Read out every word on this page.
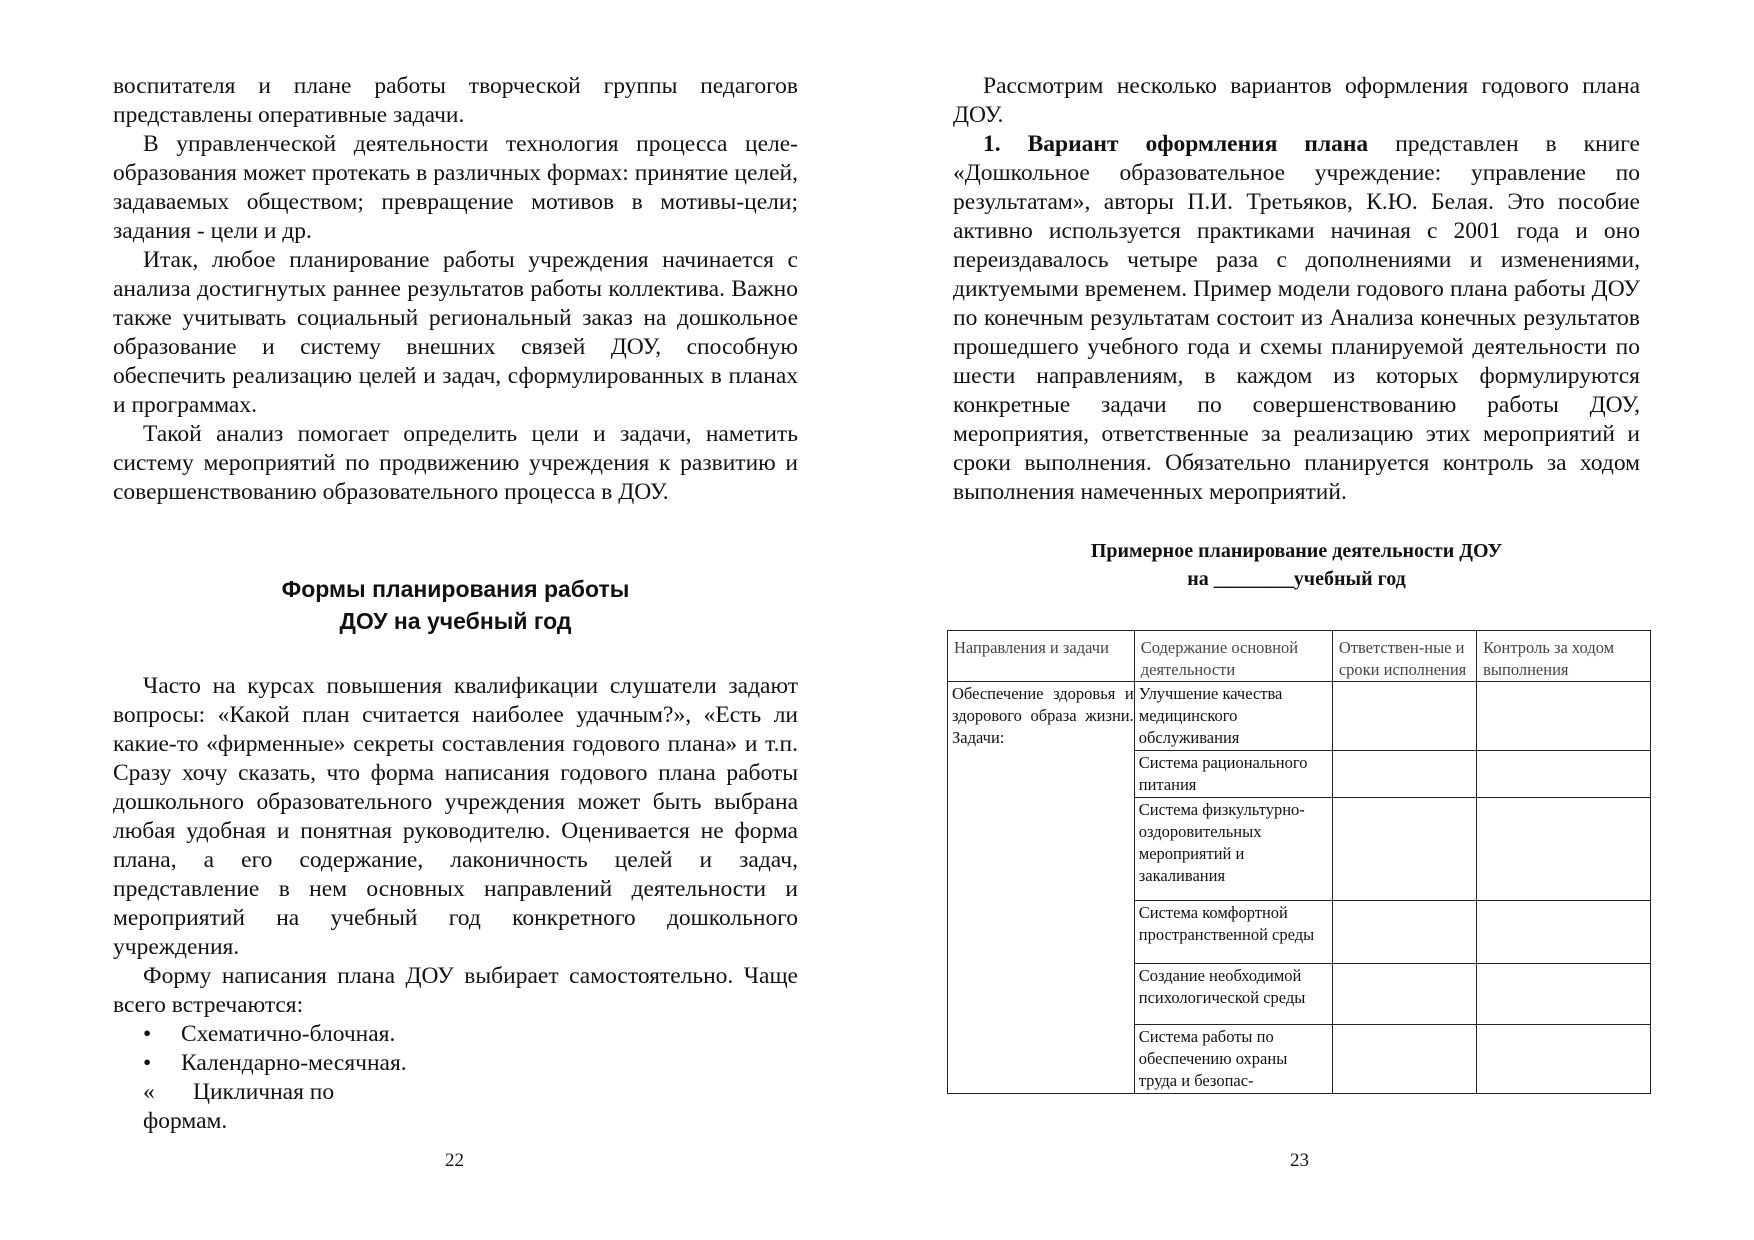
воспитателя и плане работы творческой группы педагогов представлены оперативные задачи.

В управленческой деятельности технология процесса целе-образования может протекать в различных формах: принятие целей, задаваемых обществом; превращение мотивов в мотивы-цели; задания - цели и др.

Итак, любое планирование работы учреждения начинается с анализа достигнутых раннее результатов работы коллектива. Важно также учитывать социальный региональный заказ на дошкольное образование и систему внешних связей ДОУ, способную обеспечить реализацию целей и задач, сформулированных в планах и программах.

Такой анализ помогает определить цели и задачи, наметить систему мероприятий по продвижению учреждения к развитию и совершенствованию образовательного процесса в ДОУ.

Формы планирования работы

ДОУ на учебный год

Часто на курсах повышения квалификации слушатели задают вопросы: «Какой план считается наиболее удачным?», «Есть ли какие-то «фирменные» секреты составления годового плана» и т.п. Сразу хочу сказать, что форма написания годового плана работы дошкольного образовательного учреждения может быть выбрана любая удобная и понятная руководителю. Оценивается не форма плана, а его содержание, лаконичность целей и задач, представление в нем основных направлений деятельности и мероприятий на учебный год конкретного дошкольного учреждения.

Форму написания плана ДОУ выбирает самостоятельно. Чаще всего встречаются:

• Схематично-блочная.
• Календарно-месячная.
« Цикличная по

формам.

22

Рассмотрим несколько вариантов оформления годового плана ДОУ.

1. Вариант оформления плана представлен в книге «Дошкольное образовательное учреждение: управление по результатам», авторы П.И. Третьяков, К.Ю. Белая. Это пособие активно используется практиками начиная с 2001 года и оно переиздавалось четыре раза с дополнениями и изменениями, диктуемыми временем. Пример модели годового плана работы ДОУ по конечным результатам состоит из Анализа конечных результатов прошедшего учебного года и схемы планируемой деятельности по шести направлениям, в каждом из которых формулируются конкретные задачи по совершенствованию работы ДОУ, мероприятия, ответственные за реализацию этих мероприятий и сроки выполнения. Обязательно планируется контроль за ходом выполнения намеченных мероприятий.

Примерное планирование деятельности ДОУ

на ________учебный год

Направления и задачи	Содержание основной деятельности	Ответствен-ные и сроки исполнения	Контроль за ходом выполнения
Обеспечение здоровья и здорового образа жизни. Задачи:	Улучшение качества медицинского обслуживания		
	Система рационального питания		
	Система физкультурно-оздоровительных мероприятий и закаливания		
	Система комфортной пространственной среды		
	Создание необходимой психологической среды		
	Система работы по обеспечению охраны труда и безопас-		
23
